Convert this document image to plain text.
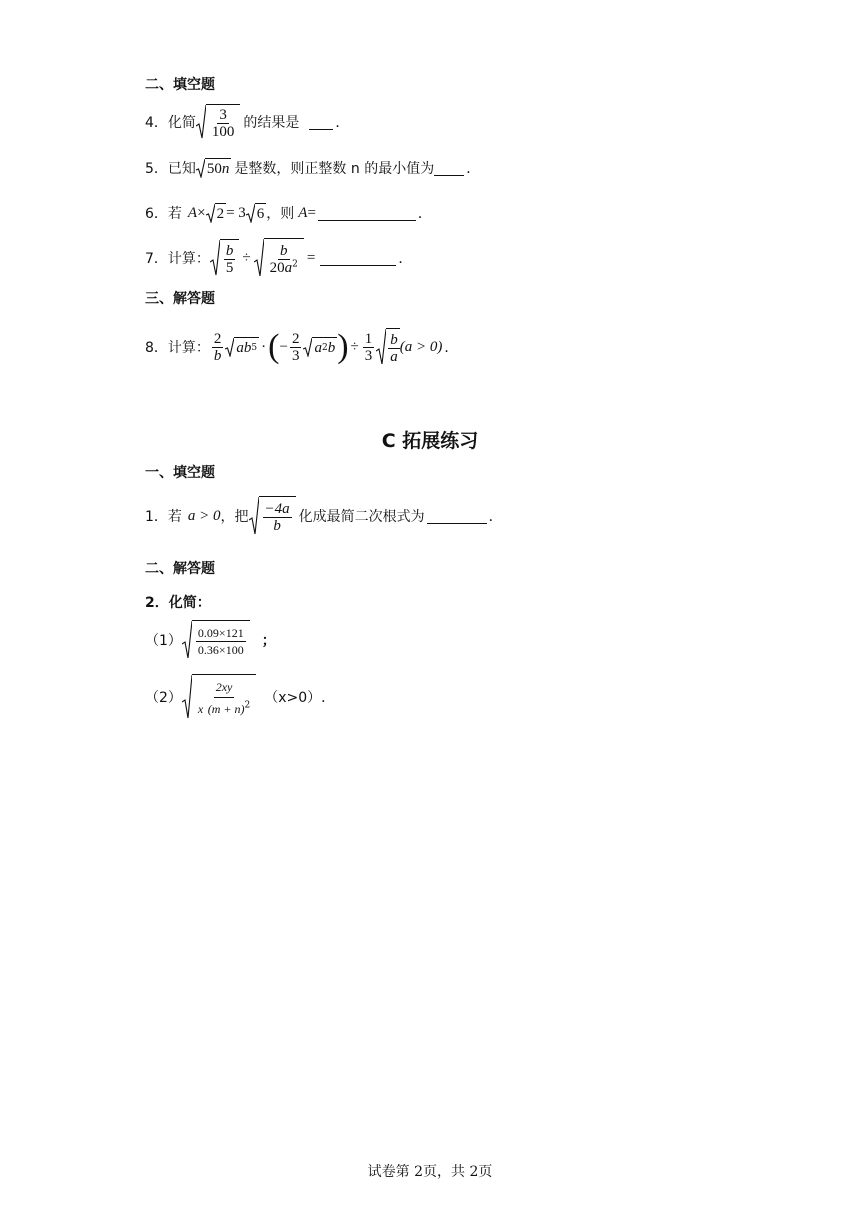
二、填空题
4． 化简 $\frac{3}{100}$ 的结果是	．
5． 已知 50 n 是整数，则正整数 n 的最小值为 ．
6． 若 A × 2 = 3 6 ，则 A =	．
7． 计算： $\frac{b}{5} \div \frac{b}{20a^2}$ =	．
三、解答题
8． 计算： $\frac{2}{b}$ ab 5 · ( − $\frac{2}{3}$ a 2 b ) ÷ $\frac{1}{3} \frac{b}{a} (a > 0)$ ．
C 拓展练习
一、填空题
1． 若 a > 0 ，把 $\frac{-4a}{b}$ 化成最简二次根式为	．
二、解答题
2． 化简：
$(1) \frac{0.09\times 121}{0.36\times 100}$ ；
$(2) \frac{2xy}{x (m + n)^2} (x>0)$ ．
试卷第 2页，共 2页
